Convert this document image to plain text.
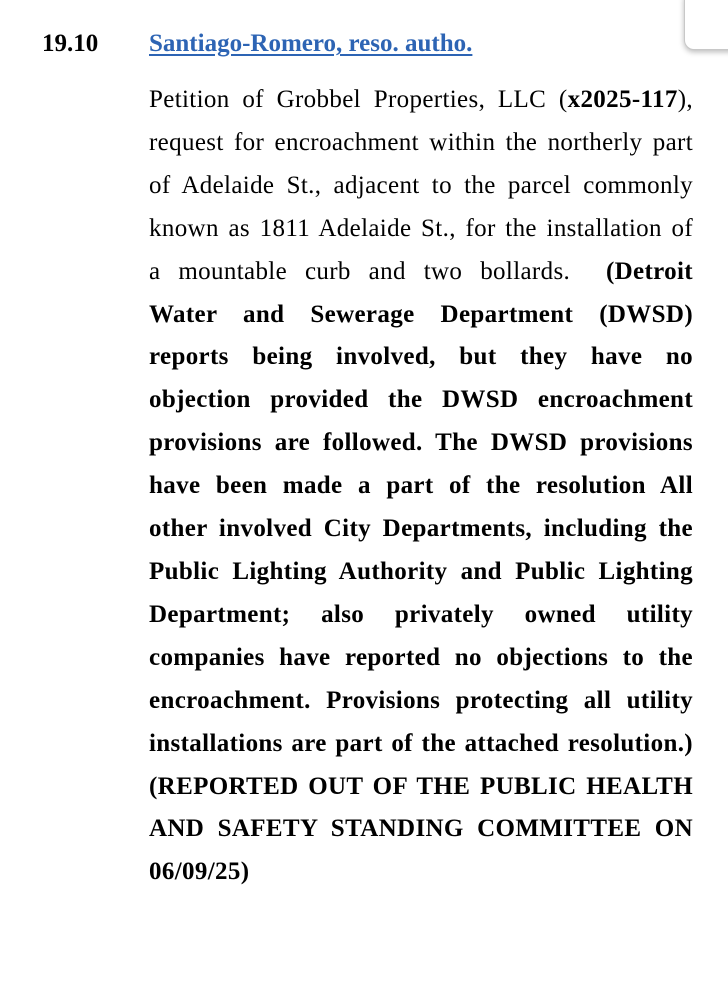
19.10 Santiago-Romero, reso. autho.

Petition of Grobbel Properties, LLC (x2025-117), request for encroachment within the northerly part of Adelaide St., adjacent to the parcel commonly known as 1811 Adelaide St., for the installation of a mountable curb and two bollards.  (Detroit Water and Sewerage Department (DWSD) reports being involved, but they have no objection provided the DWSD encroachment provisions are followed. The DWSD provisions have been made a part of the resolution All other involved City Departments, including the Public Lighting Authority and Public Lighting Department; also privately owned utility companies have reported no objections to the encroachment. Provisions protecting all utility installations are part of the attached resolution.) (REPORTED OUT OF THE PUBLIC HEALTH AND SAFETY STANDING COMMITTEE ON 06/09/25)
